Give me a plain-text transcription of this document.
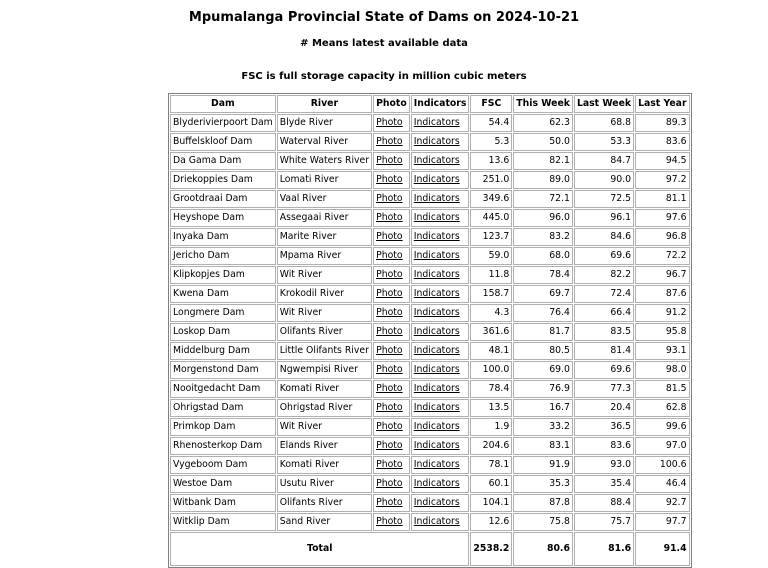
Mpumalanga Provincial State of Dams on 2024-10-21
# Means latest available data
FSC is full storage capacity in million cubic meters
Dam	River	Photo	Indicators	FSC	This Week	Last Week	Last Year
Blyderivierpoort Dam	Blyde River	Photo	Indicators	54.4	62.3	68.8	89.3
Buffelskloof Dam	Waterval River	Photo	Indicators	5.3	50.0	53.3	83.6
Da Gama Dam	White Waters River	Photo	Indicators	13.6	82.1	84.7	94.5
Driekoppies Dam	Lomati River	Photo	Indicators	251.0	89.0	90.0	97.2
Grootdraai Dam	Vaal River	Photo	Indicators	349.6	72.1	72.5	81.1
Heyshope Dam	Assegaai River	Photo	Indicators	445.0	96.0	96.1	97.6
Inyaka Dam	Marite River	Photo	Indicators	123.7	83.2	84.6	96.8
Jericho Dam	Mpama River	Photo	Indicators	59.0	68.0	69.6	72.2
Klipkopjes Dam	Wit River	Photo	Indicators	11.8	78.4	82.2	96.7
Kwena Dam	Krokodil River	Photo	Indicators	158.7	69.7	72.4	87.6
Longmere Dam	Wit River	Photo	Indicators	4.3	76.4	66.4	91.2
Loskop Dam	Olifants River	Photo	Indicators	361.6	81.7	83.5	95.8
Middelburg Dam	Little Olifants River	Photo	Indicators	48.1	80.5	81.4	93.1
Morgenstond Dam	Ngwempisi River	Photo	Indicators	100.0	69.0	69.6	98.0
Nooitgedacht Dam	Komati River	Photo	Indicators	78.4	76.9	77.3	81.5
Ohrigstad Dam	Ohrigstad River	Photo	Indicators	13.5	16.7	20.4	62.8
Primkop Dam	Wit River	Photo	Indicators	1.9	33.2	36.5	99.6
Rhenosterkop Dam	Elands River	Photo	Indicators	204.6	83.1	83.6	97.0
Vygeboom Dam	Komati River	Photo	Indicators	78.1	91.9	93.0	100.6
Westoe Dam	Usutu River	Photo	Indicators	60.1	35.3	35.4	46.4
Witbank Dam	Olifants River	Photo	Indicators	104.1	87.8	88.4	92.7
Witklip Dam	Sand River	Photo	Indicators	12.6	75.8	75.7	97.7
Total				2538.2	80.6	81.6	91.4
